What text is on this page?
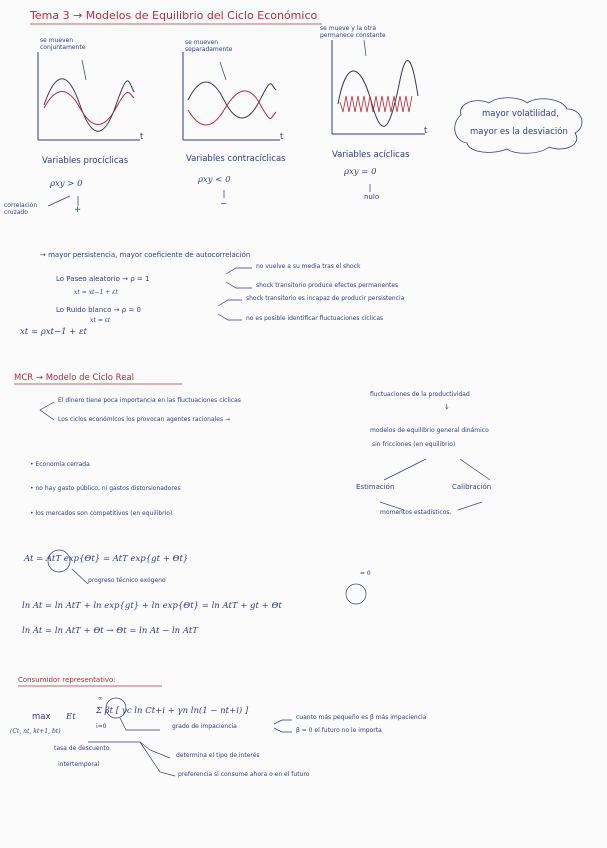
Tema 3 → Modelos de Equilibrio del Ciclo Económico
se mueven conjuntamente
se mueven separadamente
se mueve y la otra permanece constante
t	t
t
Variables procíclicas	Variables contracíclicas	Variables acíclicas
ρxy > 0	ρxy < 0
ρxy = 0
correlación cruzado	+
−
nulo
mayor volatilidad,
mayor es la desviación
→ mayor persistencia, mayor coeficiente de autocorrelación
Lo Paseo aleatorio → ρ = 1
xt = xt−1 + εt
no vuelve a su media tras el shock
shock transitorio produce efectos permanentes
Lo Ruido blanco → ρ = 0
xt = εt
shock transitorio es incapaz de producir persistencia
no es posible identificar fluctuaciones cíclicas
xt = ρxt−1 + εt
MCR → Modelo de Ciclo Real
El dinero tiene poca importancia en las fluctuaciones cíclicas
Los ciclos económicos los provocan agentes racionales →
fluctuaciones de la productividad
↓
modelos de equilibrio general dinámico
sin fricciones (en equilibrio)
Estimación	Calibración
momentos estadísticos.
• Economía cerrada
• no hay gasto público, ni gastos distorsionadores
• los mercados son competitivos (en equilibrio)
At = AtT exp{Θt} = AtT exp{gt + Θt}
progreso técnico exógeno
= 0
ln At = ln AtT + ln exp{gt} + ln exp{Θt} = ln AtT + gt + Θt
ln At = ln AtT + Θt → Θt = ln At − ln AtT
Consumidor representativo:
max Et
∞
i=0
Σ βt [ γc ln Ct+i + γn ln(1 − nt+i) ]
(Ct, nt, kt+1, bt)
grado de impaciencia
cuanto más pequeño es β más impaciencia
β = 0 el futuro no le importa
tasa de descuento
intertemporal
determina el tipo de interés
preferencia si consume ahora o en el futuro
